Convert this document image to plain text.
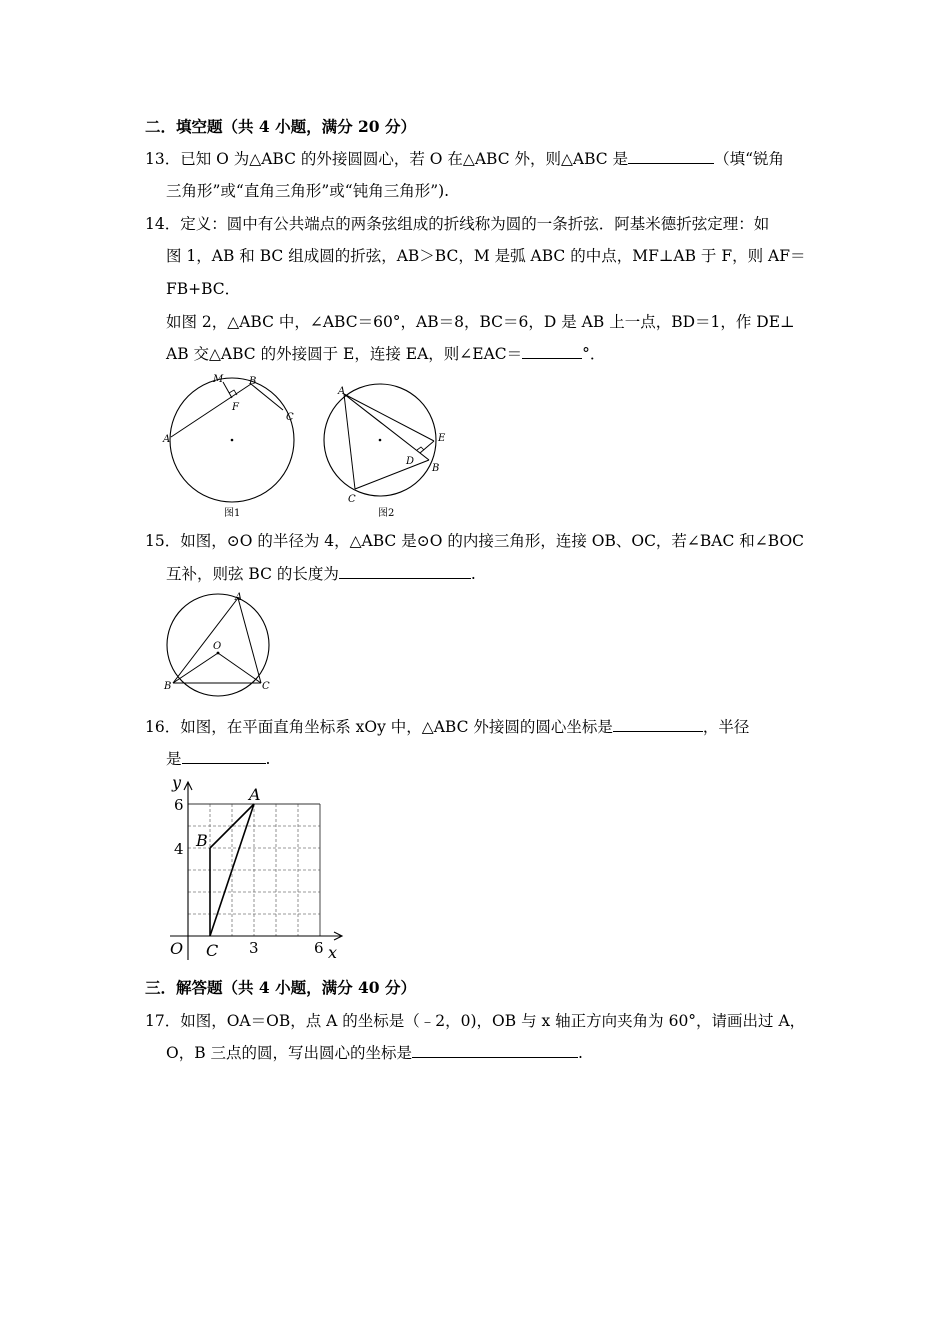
二．填空题（共 4 小题，满分 20 分）
13．已知 O 为△ABC 的外接圆圆心，若 O 在△ABC 外，则△ABC 是	（填“锐角
三角形”或“直角三角形”或“钝角三角形”).
14．定义：圆中有公共端点的两条弦组成的折线称为圆的一条折弦．阿基米德折弦定理：如
图 1，AB 和 BC 组成圆的折弦，AB＞BC，M 是弧 ABC 的中点，MF⊥AB 于 F，则 AF＝
FB+BC．
如图 2，△ABC 中，∠ABC＝60°，AB＝8，BC＝6，D 是 AB 上一点，BD＝1，作 DE⊥
AB 交△ABC 的外接圆于 E，连接 EA，则∠EAC＝	°．
M	B
F
C
A
图1
A
E
D
B
C
图2
15．如图，⊙O 的半径为 4，△ABC 是⊙O 的内接三角形，连接 OB、OC，若∠BAC 和∠BOC
互补，则弦 BC 的长度为	.
A
O
B	C
16．如图，在平面直角坐标系 xOy 中，△ABC 外接圆的圆心坐标是	，半径
是	.
y
x
O
A
B
C
6
4
3	6
三．解答题（共 4 小题，满分 40 分）
17．如图，OA＝OB，点 A 的坐标是（﹣2，0)，OB 与 x 轴正方向夹角为 60°，请画出过 A，
O，B 三点的圆，写出圆心的坐标是	.
